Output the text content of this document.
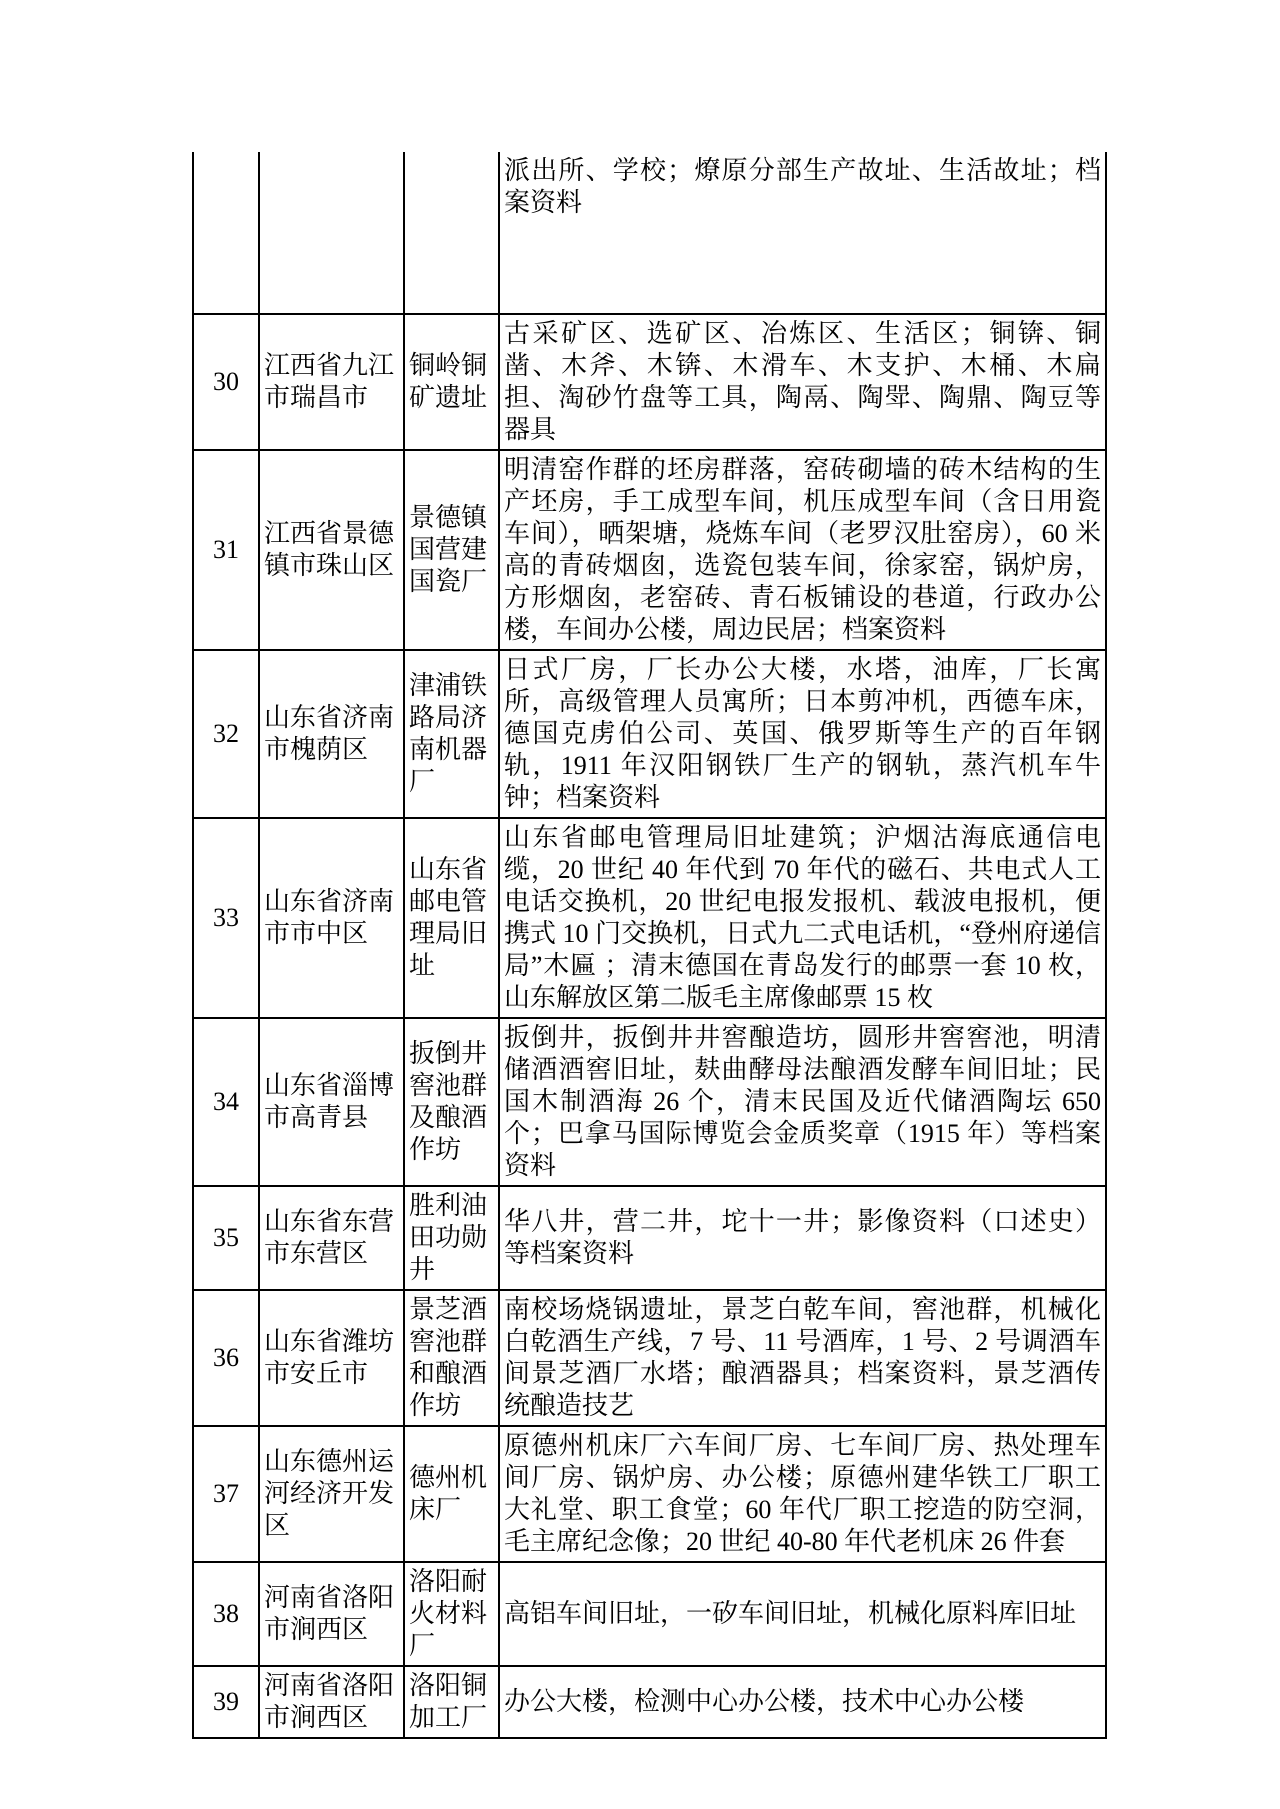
			派出所、学校；燎原分部生产故址、生活故址；档案资料
30	江西省九江市瑞昌市	铜岭铜矿遗址	古采矿区、选矿区、冶炼区、生活区；铜锛、铜凿、木斧、木锛、木滑车、木支护、木桶、木扁担、淘砂竹盘等工具，陶鬲、陶斝、陶鼎、陶豆等器具
31	江西省景德镇市珠山区	景德镇国营建国瓷厂	明清窑作群的坯房群落，窑砖砌墙的砖木结构的生产坯房，手工成型车间，机压成型车间（含日用瓷车间），晒架塘，烧炼车间（老罗汉肚窑房），60 米高的青砖烟囱，选瓷包装车间，徐家窑，锅炉房，方形烟囱，老窑砖、青石板铺设的巷道，行政办公楼，车间办公楼，周边民居；档案资料
32	山东省济南市槐荫区	津浦铁路局济南机器厂	日式厂房，厂长办公大楼，水塔，油库，厂长寓所，高级管理人员寓所；日本剪冲机，西德车床，德国克虏伯公司、英国、俄罗斯等生产的百年钢轨，1911 年汉阳钢铁厂生产的钢轨，蒸汽机车牛钟；档案资料
33	山东省济南市市中区	山东省邮电管理局旧址	山东省邮电管理局旧址建筑；沪烟沽海底通信电缆，20 世纪 40 年代到 70 年代的磁石、共电式人工电话交换机，20 世纪电报发报机、载波电报机，便携式 10 门交换机，日式九二式电话机，“登州府递信局”木匾 ；清末德国在青岛发行的邮票一套 10 枚，山东解放区第二版毛主席像邮票 15 枚
34	山东省淄博市高青县	扳倒井窖池群及酿酒作坊	扳倒井，扳倒井井窖酿造坊，圆形井窖窖池，明清储酒酒窖旧址，麸曲酵母法酿酒发酵车间旧址；民国木制酒海 26 个，清末民国及近代储酒陶坛 650 个；巴拿马国际博览会金质奖章（1915 年）等档案资料
35	山东省东营市东营区	胜利油田功勋井	华八井，营二井，坨十一井；影像资料（口述史）等档案资料
36	山东省潍坊市安丘市	景芝酒窖池群和酿酒作坊	南校场烧锅遗址，景芝白乾车间，窖池群，机械化白乾酒生产线，7 号、11 号酒库，1 号、2 号调酒车间景芝酒厂水塔；酿酒器具；档案资料，景芝酒传统酿造技艺
37	山东德州运河经济开发区	德州机床厂	原德州机床厂六车间厂房、七车间厂房、热处理车间厂房、锅炉房、办公楼；原德州建华铁工厂职工大礼堂、职工食堂；60 年代厂职工挖造的防空洞，毛主席纪念像；20 世纪 40-80 年代老机床 26 件套
38	河南省洛阳市涧西区	洛阳耐火材料厂	高铝车间旧址，一矽车间旧址，机械化原料库旧址
39	河南省洛阳市涧西区	洛阳铜加工厂	办公大楼，检测中心办公楼，技术中心办公楼
